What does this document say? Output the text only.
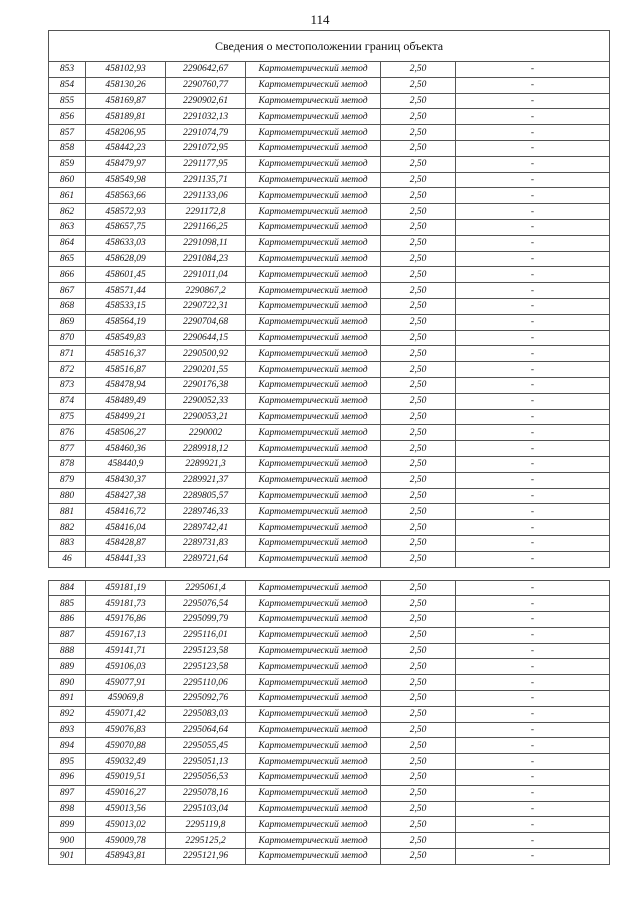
114
Сведения о местоположении границ объекта					
853	458102,93	2290642,67	Картометрический метод	2,50	-
854	458130,26	2290760,77	Картометрический метод	2,50	-
855	458169,87	2290902,61	Картометрический метод	2,50	-
856	458189,81	2291032,13	Картометрический метод	2,50	-
857	458206,95	2291074,79	Картометрический метод	2,50	-
858	458442,23	2291072,95	Картометрический метод	2,50	-
859	458479,97	2291177,95	Картометрический метод	2,50	-
860	458549,98	2291135,71	Картометрический метод	2,50	-
861	458563,66	2291133,06	Картометрический метод	2,50	-
862	458572,93	2291172,8	Картометрический метод	2,50	-
863	458657,75	2291166,25	Картометрический метод	2,50	-
864	458633,03	2291098,11	Картометрический метод	2,50	-
865	458628,09	2291084,23	Картометрический метод	2,50	-
866	458601,45	2291011,04	Картометрический метод	2,50	-
867	458571,44	2290867,2	Картометрический метод	2,50	-
868	458533,15	2290722,31	Картометрический метод	2,50	-
869	458564,19	2290704,68	Картометрический метод	2,50	-
870	458549,83	2290644,15	Картометрический метод	2,50	-
871	458516,37	2290500,92	Картометрический метод	2,50	-
872	458516,87	2290201,55	Картометрический метод	2,50	-
873	458478,94	2290176,38	Картометрический метод	2,50	-
874	458489,49	2290052,33	Картометрический метод	2,50	-
875	458499,21	2290053,21	Картометрический метод	2,50	-
876	458506,27	2290002	Картометрический метод	2,50	-
877	458460,36	2289918,12	Картометрический метод	2,50	-
878	458440,9	2289921,3	Картометрический метод	2,50	-
879	458430,37	2289921,37	Картометрический метод	2,50	-
880	458427,38	2289805,57	Картометрический метод	2,50	-
881	458416,72	2289746,33	Картометрический метод	2,50	-
882	458416,04	2289742,41	Картометрический метод	2,50	-
883	458428,87	2289731,83	Картометрический метод	2,50	-
46	458441,33	2289721,64	Картометрический метод	2,50	-

884	459181,19	2295061,4	Картометрический метод	2,50	-
885	459181,73	2295076,54	Картометрический метод	2,50	-
886	459176,86	2295099,79	Картометрический метод	2,50	-
887	459167,13	2295116,01	Картометрический метод	2,50	-
888	459141,71	2295123,58	Картометрический метод	2,50	-
889	459106,03	2295123,58	Картометрический метод	2,50	-
890	459077,91	2295110,06	Картометрический метод	2,50	-
891	459069,8	2295092,76	Картометрический метод	2,50	-
892	459071,42	2295083,03	Картометрический метод	2,50	-
893	459076,83	2295064,64	Картометрический метод	2,50	-
894	459070,88	2295055,45	Картометрический метод	2,50	-
895	459032,49	2295051,13	Картометрический метод	2,50	-
896	459019,51	2295056,53	Картометрический метод	2,50	-
897	459016,27	2295078,16	Картометрический метод	2,50	-
898	459013,56	2295103,04	Картометрический метод	2,50	-
899	459013,02	2295119,8	Картометрический метод	2,50	-
900	459009,78	2295125,2	Картометрический метод	2,50	-
901	458943,81	2295121,96	Картометрический метод	2,50	-
